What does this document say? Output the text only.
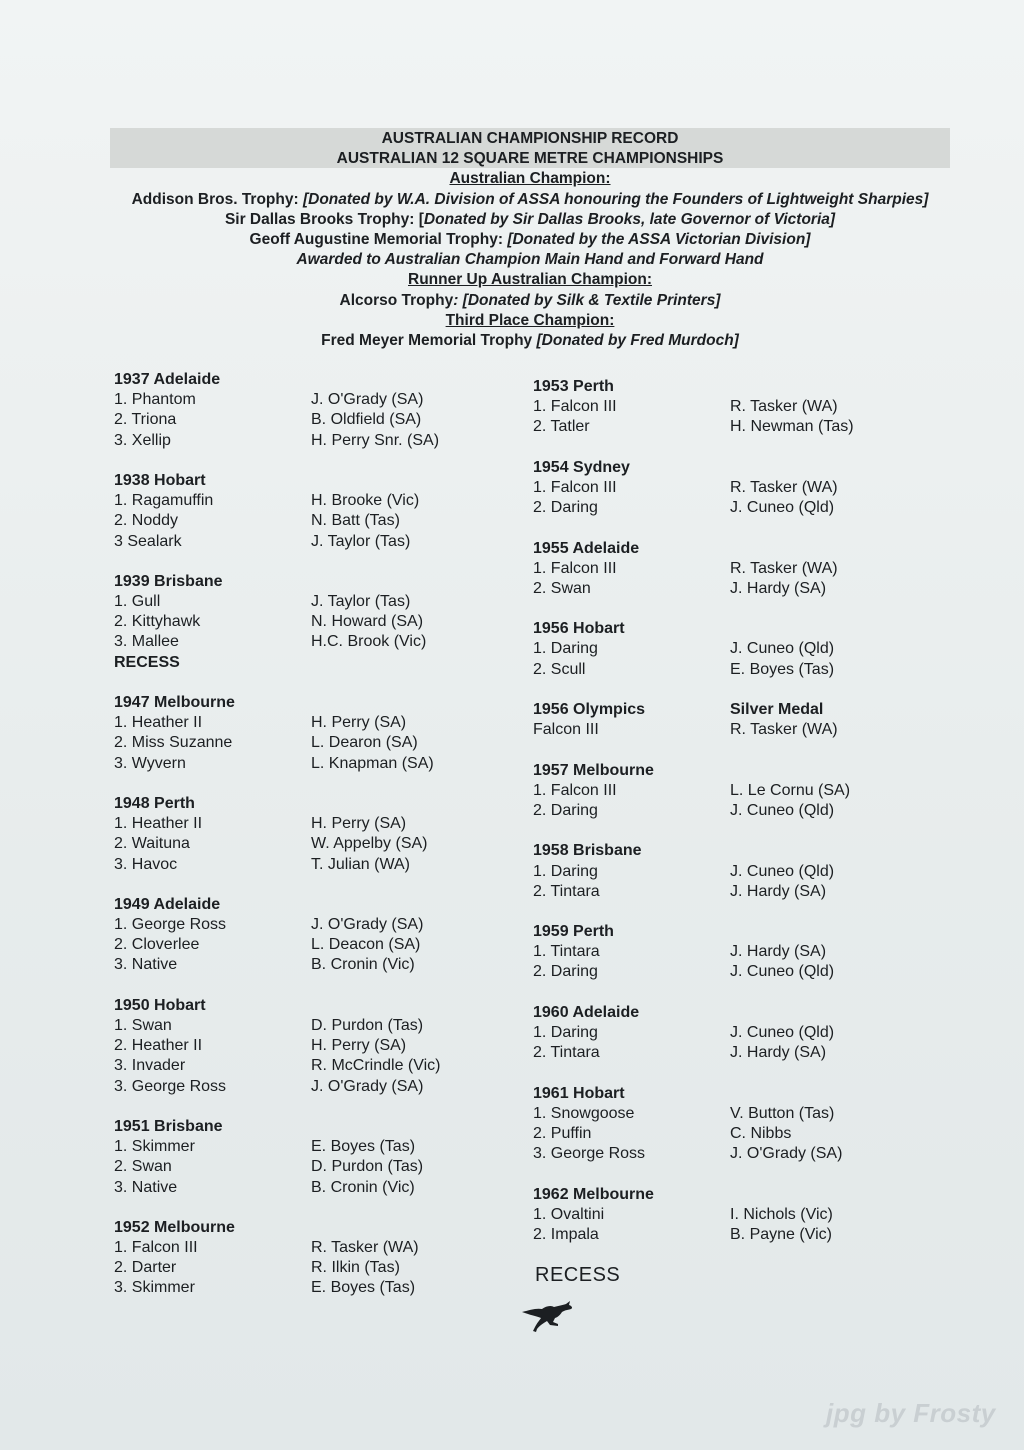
AUSTRALIAN CHAMPIONSHIP RECORD
AUSTRALIAN 12 SQUARE METRE CHAMPIONSHIPS
Australian Champion:
Addison Bros. Trophy: [Donated by W.A. Division of ASSA honouring the Founders of Lightweight Sharpies]
Sir Dallas Brooks Trophy: [Donated by Sir Dallas Brooks, late Governor of Victoria]
Geoff Augustine Memorial Trophy: [Donated by the ASSA Victorian Division]
Awarded to Australian Champion Main Hand and Forward Hand
Runner Up Australian Champion:
Alcorso Trophy: [Donated by Silk & Textile Printers]
Third Place Champion:
Fred Meyer Memorial Trophy [Donated by Fred Murdoch]
1937 Adelaide
1. Phantom	J. O'Grady (SA)
2. Triona	B. Oldfield (SA)
3. Xellip	H. Perry Snr. (SA)
1938 Hobart
1. Ragamuffin	H. Brooke (Vic)
2. Noddy	N. Batt (Tas)
3 Sealark	J. Taylor (Tas)
1939 Brisbane
1. Gull	J. Taylor (Tas)
2. Kittyhawk	N. Howard (SA)
3. Mallee	H.C. Brook (Vic)
RECESS
1947 Melbourne
1. Heather II	H. Perry (SA)
2. Miss Suzanne	L. Dearon (SA)
3. Wyvern	L. Knapman (SA)
1948 Perth
1. Heather II	H. Perry (SA)
2. Waituna	W. Appelby (SA)
3. Havoc	T. Julian (WA)
1949 Adelaide
1. George Ross	J. O'Grady (SA)
2. Cloverlee	L. Deacon (SA)
3. Native	B. Cronin (Vic)
1950 Hobart
1. Swan	D. Purdon (Tas)
2. Heather II	H. Perry (SA)
3. Invader	R. McCrindle (Vic)
3. George Ross	J. O'Grady (SA)
1951 Brisbane
1. Skimmer	E. Boyes (Tas)
2. Swan	D. Purdon (Tas)
3. Native	B. Cronin (Vic)
1952 Melbourne
1. Falcon III	R. Tasker (WA)
2. Darter	R. Ilkin (Tas)
3. Skimmer	E. Boyes (Tas)
1953 Perth
1. Falcon III	R. Tasker (WA)
2. Tatler	H. Newman (Tas)
1954 Sydney
1. Falcon III	R. Tasker (WA)
2. Daring	J. Cuneo (Qld)
1955 Adelaide
1. Falcon III	R. Tasker (WA)
2. Swan	J. Hardy (SA)
1956 Hobart
1. Daring	J. Cuneo (Qld)
2. Scull	E. Boyes (Tas)
1956 Olympics	Silver Medal
Falcon III	R. Tasker (WA)
1957 Melbourne
1. Falcon III	L. Le Cornu (SA)
2. Daring	J. Cuneo (Qld)
1958 Brisbane
1. Daring	J. Cuneo (Qld)
2. Tintara	J. Hardy (SA)
1959 Perth
1. Tintara	J. Hardy (SA)
2. Daring	J. Cuneo (Qld)
1960 Adelaide
1. Daring	J. Cuneo (Qld)
2. Tintara	J. Hardy (SA)
1961 Hobart
1. Snowgoose	V. Button (Tas)
2. Puffin	C. Nibbs
3. George Ross	J. O'Grady (SA)
1962 Melbourne
1. Ovaltini	I. Nichols (Vic)
2. Impala	B. Payne (Vic)
RECESS
jpg by Frosty
